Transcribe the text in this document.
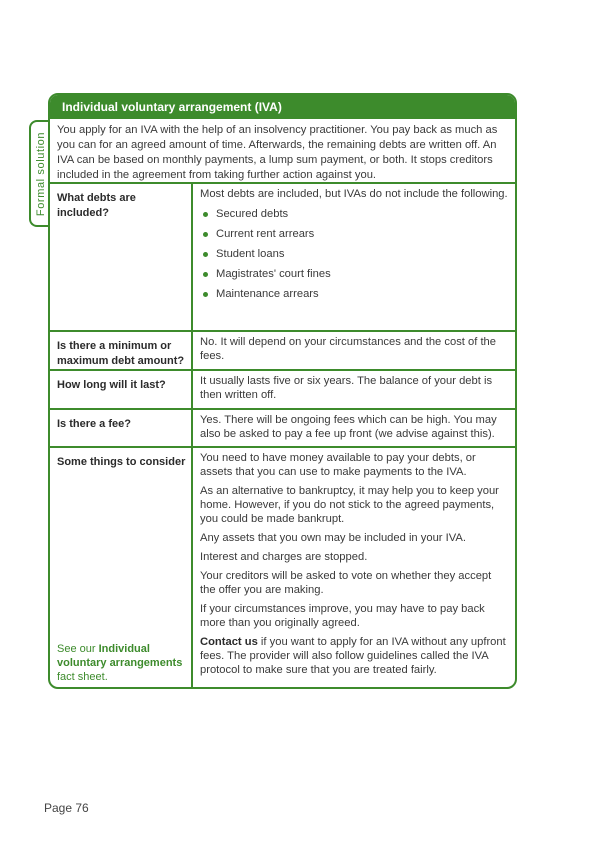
Formal solution
Individual voluntary arrangement (IVA)
You apply for an IVA with the help of an insolvency practitioner. You pay back as much as you can for an agreed amount of time. Afterwards, the remaining debts are written off. An IVA can be based on monthly payments, a lump sum payment, or both. It stops creditors included in the agreement from taking further action against you.
What debts are included?

Most debts are included, but IVAs do not include the following.

Secured debts
Current rent arrears
Student loans
Magistrates' court fines
Maintenance arrears
Is there a minimum or maximum debt amount?
No. It will depend on your circumstances and the cost of the fees.
How long will it last?	It usually lasts five or six years. The balance of your debt is then written off.
Is there a fee?	Yes. There will be ongoing fees which can be high. You may also be asked to pay a fee up front (we advise against this).
Some things to consider
See our Individual voluntary arrangements fact sheet.

You need to have money available to pay your debts, or assets that you can use to make payments to the IVA.

As an alternative to bankruptcy, it may help you to keep your home. However, if you do not stick to the agreed payments, you could be made bankrupt.

Any assets that you own may be included in your IVA.

Interest and charges are stopped.

Your creditors will be asked to vote on whether they accept the offer you are making.

If your circumstances improve, you may have to pay back more than you originally agreed.

Contact us if you want to apply for an IVA without any upfront fees. The provider will also follow guidelines called the IVA protocol to make sure that you are treated fairly.

Page 76
